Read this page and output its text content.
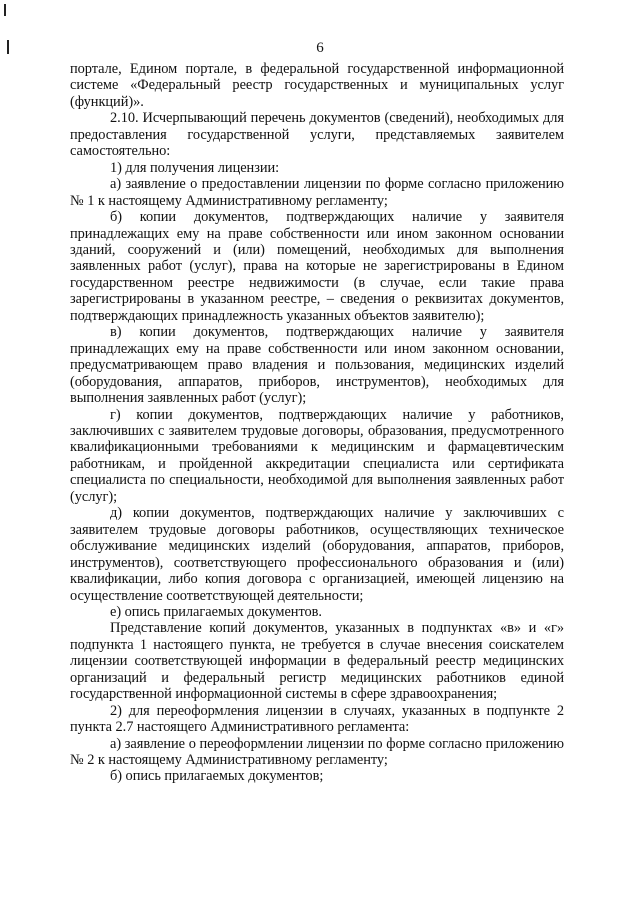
6

порталe, Едином портале, в федеральной государственной информационной системе «Федеральный реестр государственных и муниципальных услуг (функций)».

2.10. Исчерпывающий перечень документов (сведений), необходимых для предоставления государственной услуги, представляемых заявителем самостоятельно:

1) для получения лицензии:

а) заявление о предоставлении лицензии по форме согласно приложению № 1 к настоящему Административному регламенту;

б) копии документов, подтверждающих наличие у заявителя принадлежащих ему на праве собственности или ином законном основании зданий, сооружений и (или) помещений, необходимых для выполнения заявленных работ (услуг), права на которые не зарегистрированы в Едином государственном реестре недвижимости (в случае, если такие права зарегистрированы в указанном реестре, – сведения о реквизитах документов, подтверждающих принадлежность указанных объектов заявителю);

в) копии документов, подтверждающих наличие у заявителя принадлежащих ему на праве собственности или ином законном основании, предусматривающем право владения и пользования, медицинских изделий (оборудования, аппаратов, приборов, инструментов), необходимых для выполнения заявленных работ (услуг);

г) копии документов, подтверждающих наличие у работников, заключивших с заявителем трудовые договоры, образования, предусмотренного квалификационными требованиями к медицинским и фармацевтическим работникам, и пройденной аккредитации специалиста или сертификата специалиста по специальности, необходимой для выполнения заявленных работ (услуг);

д) копии документов, подтверждающих наличие у заключивших с заявителем трудовые договоры работников, осуществляющих техническое обслуживание медицинских изделий (оборудования, аппаратов, приборов, инструментов), соответствующего профессионального образования и (или) квалификации, либо копия договора с организацией, имеющей лицензию на осуществление соответствующей деятельности;

е) опись прилагаемых документов.

Представление копий документов, указанных в подпунктах «в» и «г» подпункта 1 настоящего пункта, не требуется в случае внесения соискателем лицензии соответствующей информации в федеральный реестр медицинских организаций и федеральный регистр медицинских работников единой государственной информационной системы в сфере здравоохранения;

2) для переоформления лицензии в случаях, указанных в подпункте 2 пункта 2.7 настоящего Административного регламента:

а) заявление о переоформлении лицензии по форме согласно приложению № 2 к настоящему Административному регламенту;

б) опись прилагаемых документов;
